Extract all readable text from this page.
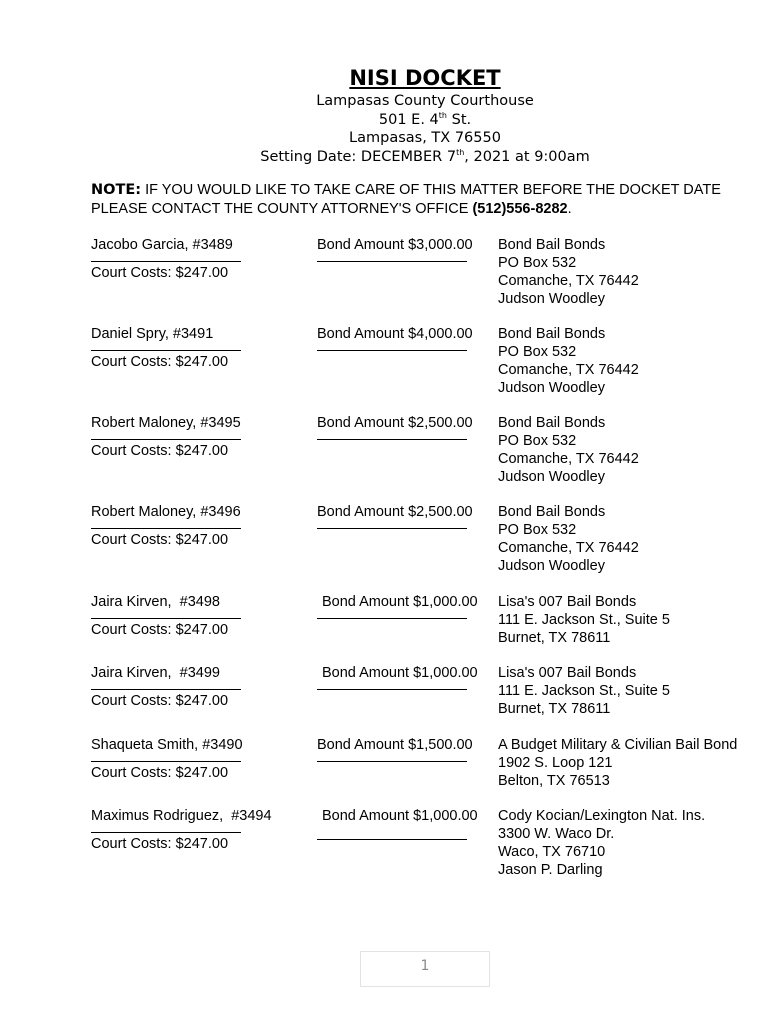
NISI DOCKET
Lampasas County Courthouse
501 E. 4th St.
Lampasas, TX 76550
Setting Date: DECEMBER 7th, 2021 at 9:00am
NOTE: IF YOU WOULD LIKE TO TAKE CARE OF THIS MATTER BEFORE THE DOCKET DATE PLEASE CONTACT THE COUNTY ATTORNEY'S OFFICE (512)556-8282.
Jacobo Garcia, #3489
Court Costs: $247.00
Bond Amount $3,000.00 Bond Bail Bonds
PO Box 532
Comanche, TX 76442
Judson Woodley
Daniel Spry, #3491
Court Costs: $247.00
Bond Amount $4,000.00 Bond Bail Bonds
PO Box 532
Comanche, TX 76442
Judson Woodley
Robert Maloney, #3495
Court Costs: $247.00
Bond Amount $2,500.00 Bond Bail Bonds
PO Box 532
Comanche, TX 76442
Judson Woodley
Robert Maloney, #3496
Court Costs: $247.00
Bond Amount $2,500.00 Bond Bail Bonds
PO Box 532
Comanche, TX 76442
Judson Woodley
Jaira Kirven,  #3498
Court Costs: $247.00
Bond Amount $1,000.00 Lisa's 007 Bail Bonds
111 E. Jackson St., Suite 5
Burnet, TX 78611
Jaira Kirven,  #3499
Court Costs: $247.00
Bond Amount $1,000.00 Lisa's 007 Bail Bonds
111 E. Jackson St., Suite 5
Burnet, TX 78611
Shaqueta Smith, #3490
Court Costs: $247.00
Bond Amount $1,500.00 A Budget Military & Civilian Bail Bond
1902 S. Loop 121
Belton, TX 76513
Maximus Rodriguez,  #3494
Court Costs: $247.00
Bond Amount $1,000.00 Cody Kocian/Lexington Nat. Ins.
3300 W. Waco Dr.
Waco, TX 76710
Jason P. Darling
1
